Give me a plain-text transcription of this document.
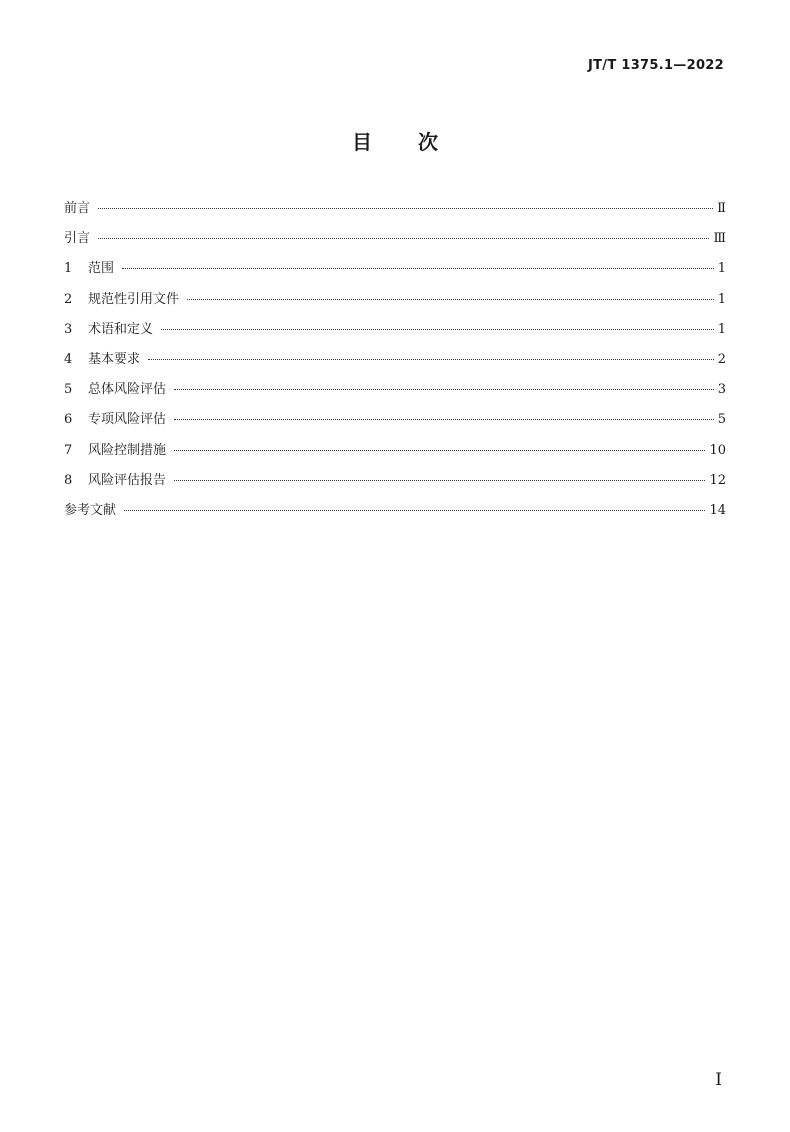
JT/T 1375.1—2022
目次
前言	Ⅱ
引言	Ⅲ
1	范围	1
2	规范性引用文件	1
3	术语和定义	1
4	基本要求	2
5	总体风险评估	3
6	专项风险评估	5
7	风险控制措施	10
8	风险评估报告	12
参考文献	14
I
